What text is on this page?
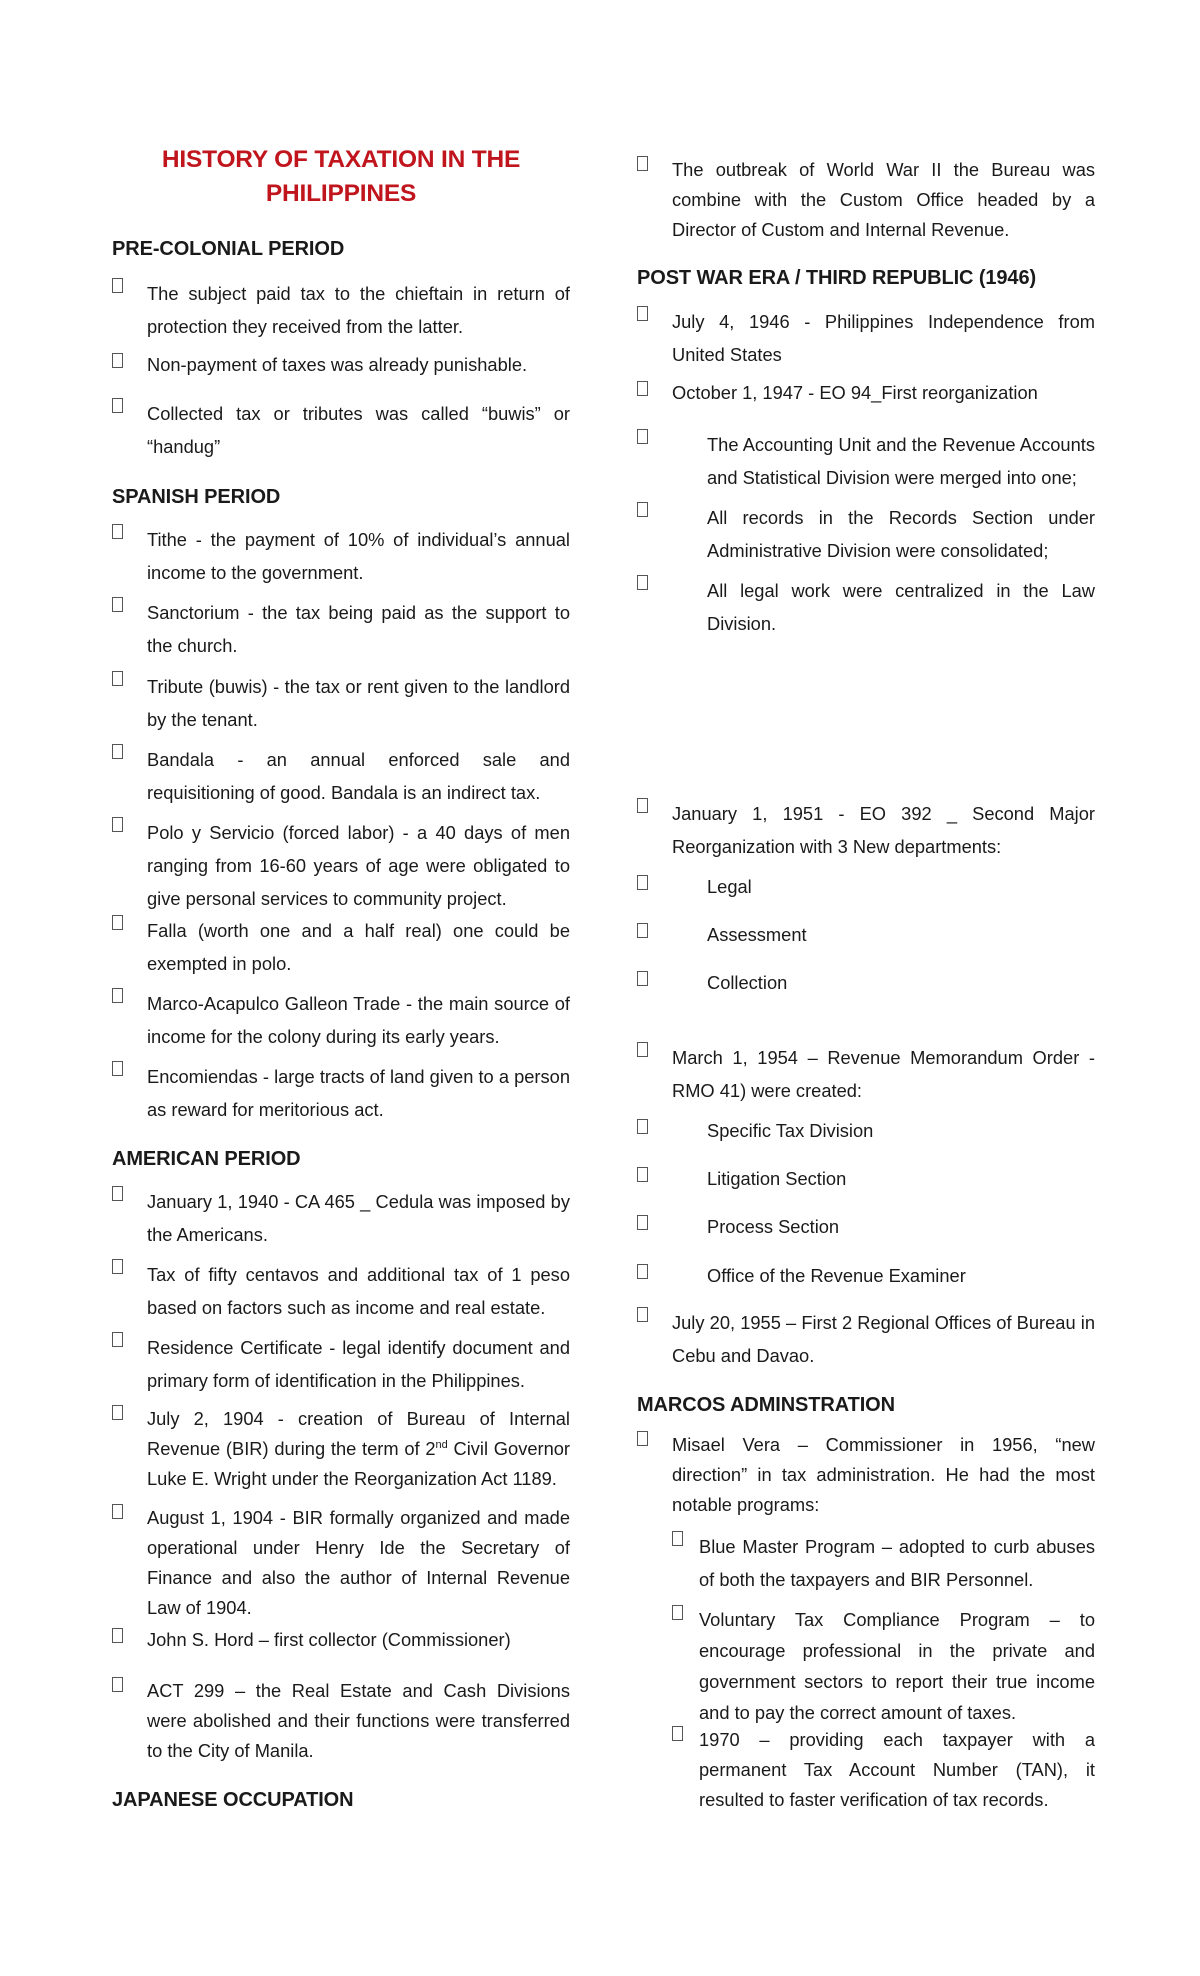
HISTORY OF TAXATION IN THE
PHILIPPINES
PRE-COLONIAL PERIOD
The subject paid tax to the chieftain in return of protection they received from the latter.
Non-payment of taxes was already punishable.
Collected tax or tributes was called “buwis” or “handug”
SPANISH PERIOD
Tithe - the payment of 10% of individual’s annual income to the government.
Sanctorium - the tax being paid as the support to the church.
Tribute (buwis) - the tax or rent given to the landlord by the tenant.
Bandala - an annual enforced sale and requisitioning of good. Bandala is an indirect tax.
Polo y Servicio (forced labor) - a 40 days of men ranging from 16-60 years of age were obligated to give personal services to community project.
Falla (worth one and a half real) one could be exempted in polo.
Marco-Acapulco Galleon Trade - the main source of income for the colony during its early years.
Encomiendas - large tracts of land given to a person as reward for meritorious act.
AMERICAN PERIOD
January 1, 1940 - CA 465 _ Cedula was imposed by the Americans.
Tax of fifty centavos and additional tax of 1 peso based on factors such as income and real estate.
Residence Certificate - legal identify document and primary form of identification in the Philippines.
July 2, 1904 - creation of Bureau of Internal Revenue (BIR) during the term of 2nd Civil Governor Luke E. Wright under the Reorganization Act 1189.
August 1, 1904 - BIR formally organized and made operational under Henry Ide the Secretary of Finance and also the author of Internal Revenue Law of 1904.
John S. Hord – first collector (Commissioner)
ACT 299 – the Real Estate and Cash Divisions were abolished and their functions were transferred to the City of Manila.
JAPANESE OCCUPATION
The outbreak of World War II the Bureau was combine with the Custom Office headed by a Director of Custom and Internal Revenue.
POST WAR ERA / THIRD REPUBLIC (1946)
July 4, 1946 - Philippines Independence from United States
October 1, 1947 - EO 94_First reorganization
The Accounting Unit and the Revenue Accounts and Statistical Division were merged into one;
All records in the Records Section under Administrative Division were consolidated;
All legal work were centralized in the Law Division.
January 1, 1951 - EO 392 _ Second Major Reorganization with 3 New departments:
Legal
Assessment
Collection
March 1, 1954 – Revenue Memorandum Order - RMO 41) were created:
Specific Tax Division
Litigation Section
Process Section
Office of the Revenue Examiner
July 20, 1955 – First 2 Regional Offices of Bureau in Cebu and Davao.
MARCOS ADMINSTRATION
Misael Vera – Commissioner in 1956, “new direction” in tax administration. He had the most notable programs:
Blue Master Program – adopted to curb abuses of both the taxpayers and BIR Personnel.
Voluntary Tax Compliance Program – to encourage professional in the private and government sectors to report their true income and to pay the correct amount of taxes.
1970 – providing each taxpayer with a permanent Tax Account Number (TAN), it resulted to faster verification of tax records.
